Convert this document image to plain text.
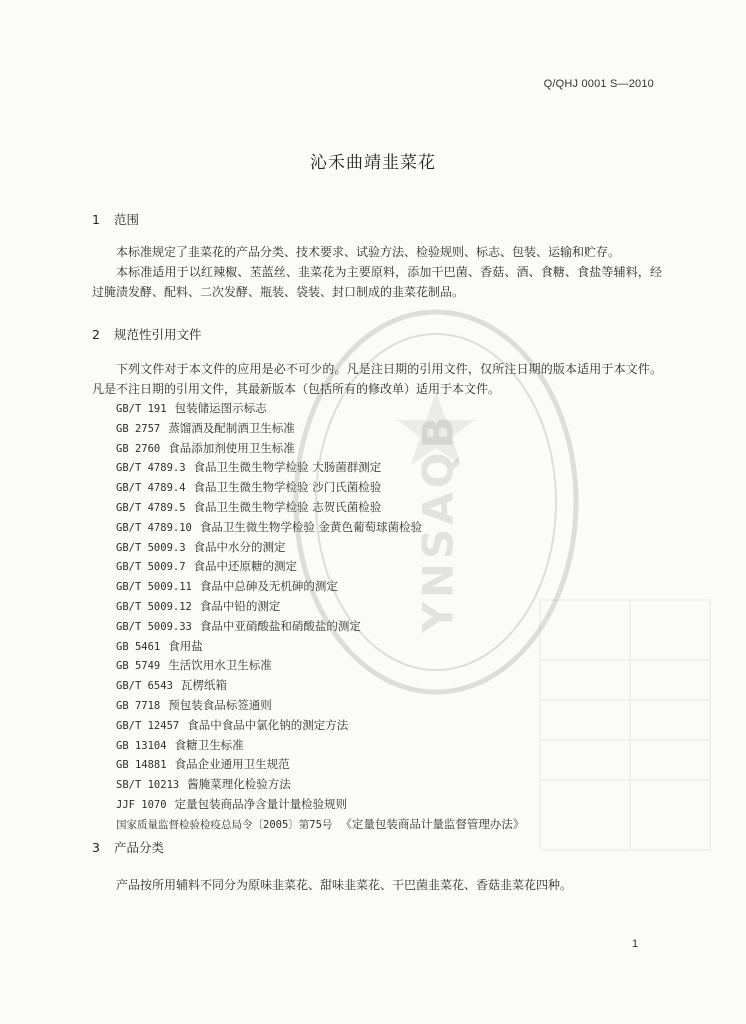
Q/QHJ 0001 S—2010
沁禾曲靖韭菜花
1 范围

本标准规定了韭菜花的产品分类、技术要求、试验方法、检验规则、标志、包装、运输和贮存。

本标准适用于以红辣椒、苤蓝丝、韭菜花为主要原料，添加干巴菌、香菇、酒、食糖、食盐等辅料，经过腌渍发酵、配料、二次发酵、瓶装、袋装、封口制成的韭菜花制品。

2 规范性引用文件

下列文件对于本文件的应用是必不可少的。凡是注日期的引用文件，仅所注日期的版本适用于本文件。凡是不注日期的引用文件，其最新版本（包括所有的修改单）适用于本文件。

GB/T 191 包装储运图示标志
GB 2757 蒸馏酒及配制酒卫生标准
GB 2760 食品添加剂使用卫生标准
GB/T 4789.3 食品卫生微生物学检验 大肠菌群测定
GB/T 4789.4 食品卫生微生物学检验 沙门氏菌检验
GB/T 4789.5 食品卫生微生物学检验 志贺氏菌检验
GB/T 4789.10 食品卫生微生物学检验 金黄色葡萄球菌检验
GB/T 5009.3 食品中水分的测定
GB/T 5009.7 食品中还原糖的测定
GB/T 5009.11 食品中总砷及无机砷的测定
GB/T 5009.12 食品中铅的测定
GB/T 5009.33 食品中亚硝酸盐和硝酸盐的测定
GB 5461 食用盐
GB 5749 生活饮用水卫生标准
GB/T 6543 瓦楞纸箱
GB 7718 预包装食品标签通则
GB/T 12457 食品中食品中氯化钠的测定方法
GB 13104 食糖卫生标准
GB 14881 食品企业通用卫生规范
SB/T 10213 酱腌菜理化检验方法
JJF 1070 定量包装商品净含量计量检验规则
国家质量监督检验检疫总局令〔2005〕第75号 《定量包装商品计量监督管理办法》
3 产品分类

产品按所用辅料不同分为原味韭菜花、甜味韭菜花、干巴菌韭菜花、香菇韭菜花四种。

1
YNSAQB
